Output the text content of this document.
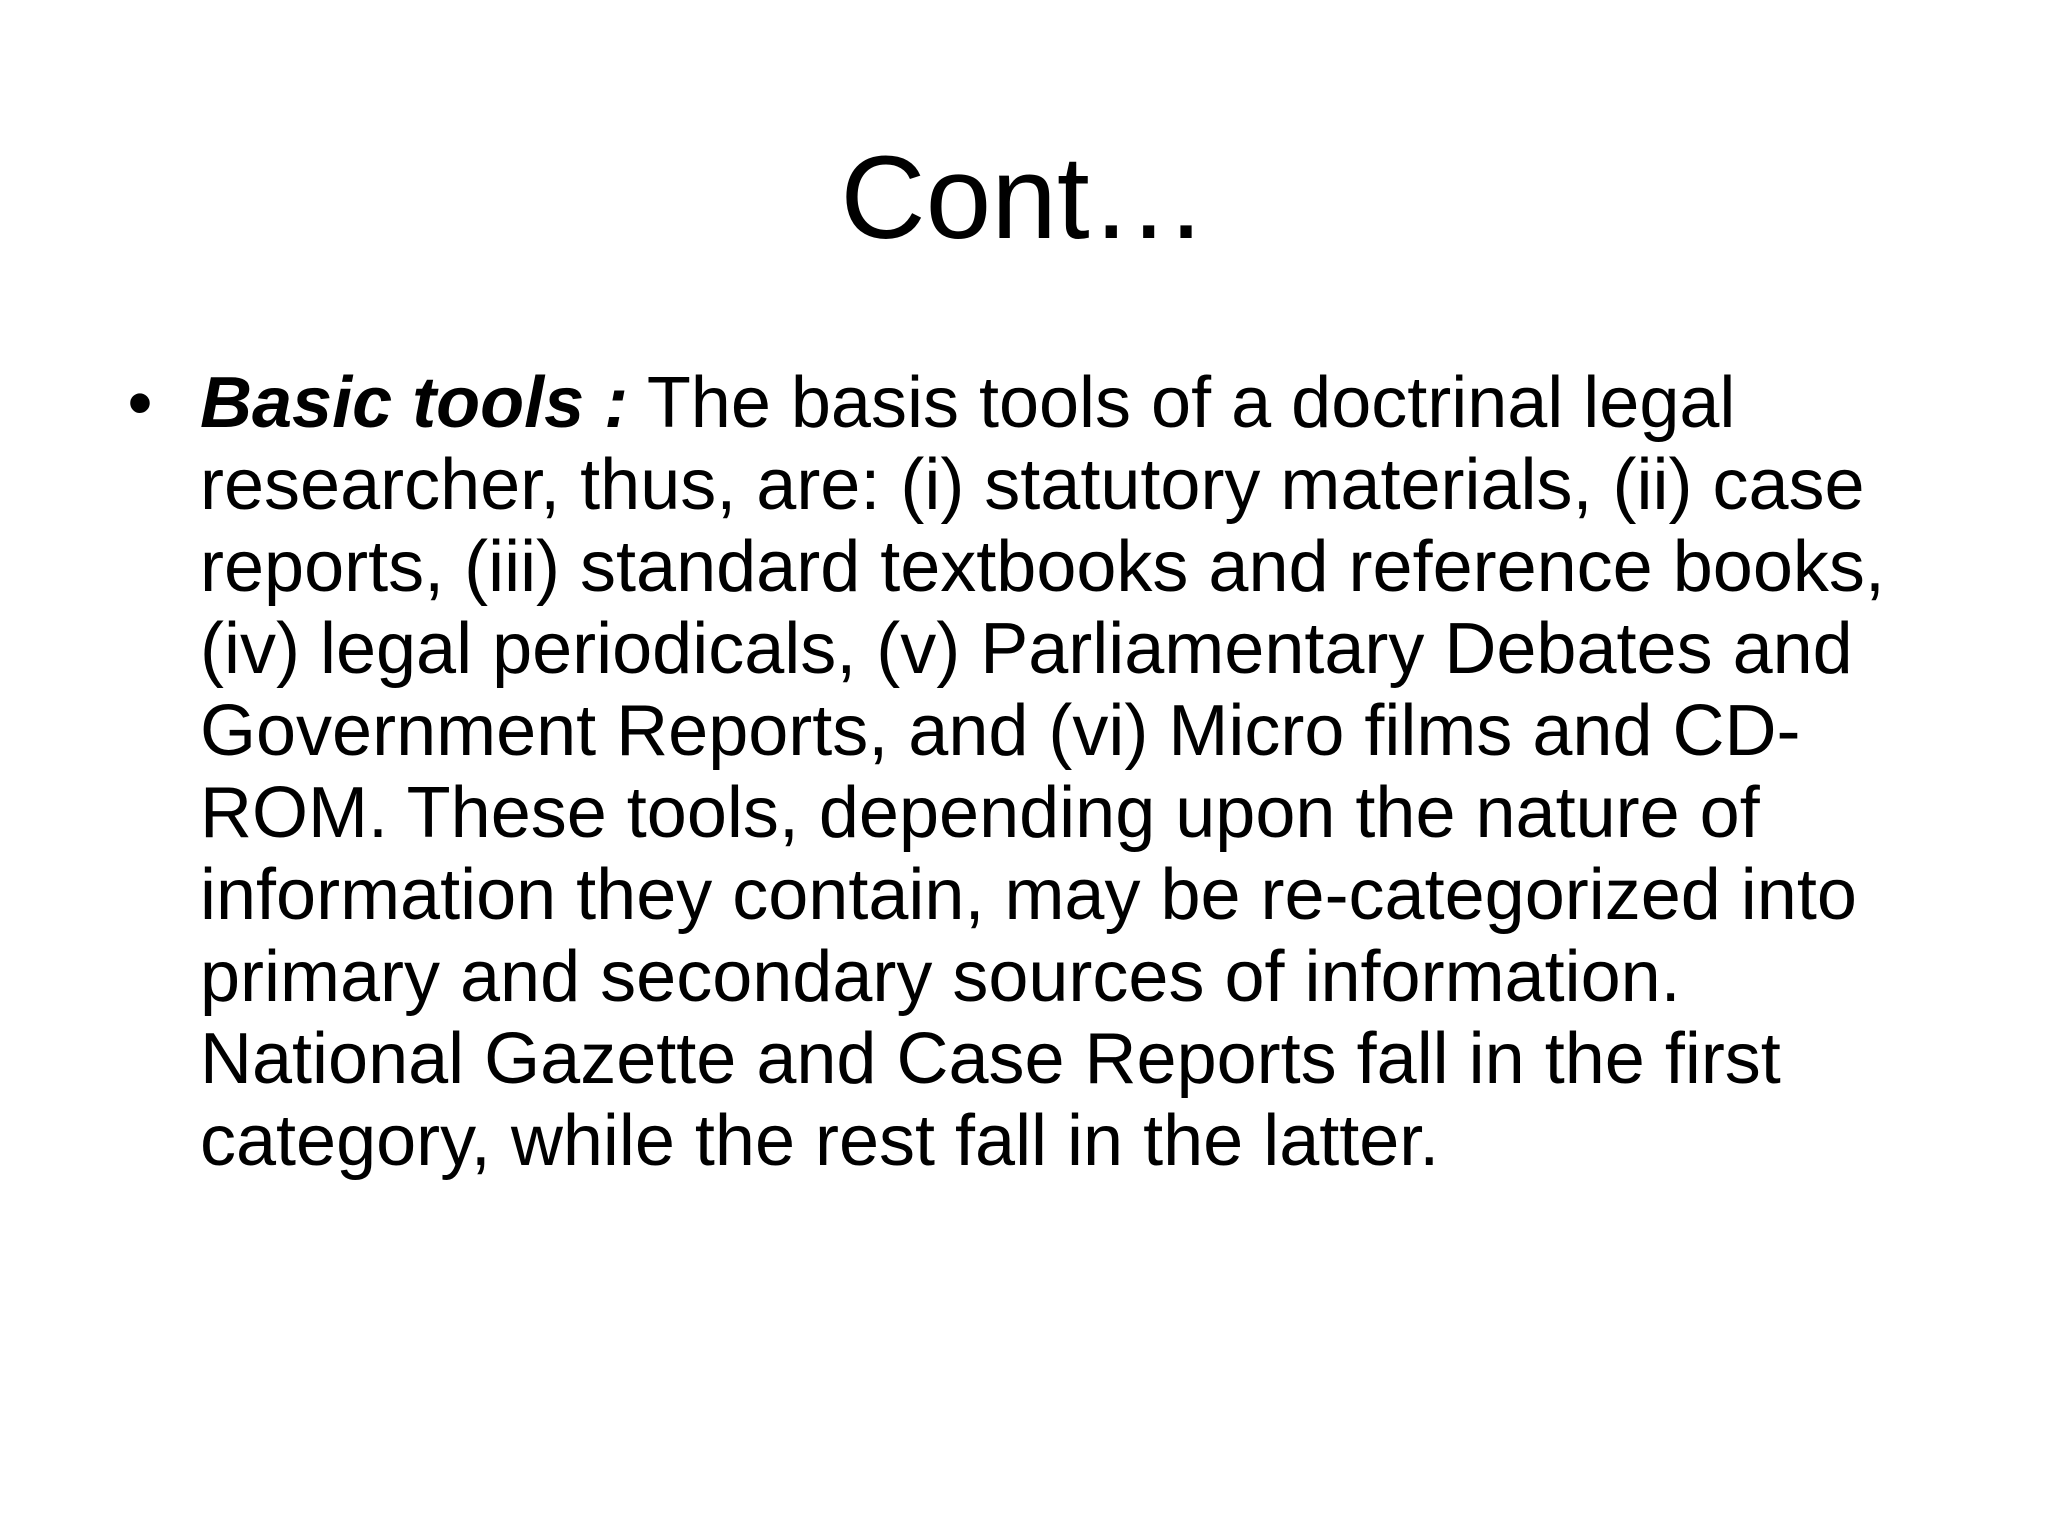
Cont…
• Basic tools : The basis tools of a doctrinal legal researcher, thus, are: (i) statutory materials, (ii) case reports, (iii) standard textbooks and reference books, (iv) legal periodicals, (v) Parliamentary Debates and Government Reports, and (vi) Micro films and CD-ROM. These tools, depending upon the nature of information they contain, may be re-categorized into primary and secondary sources of information. National Gazette and Case Reports fall in the first category, while the rest fall in the latter.
